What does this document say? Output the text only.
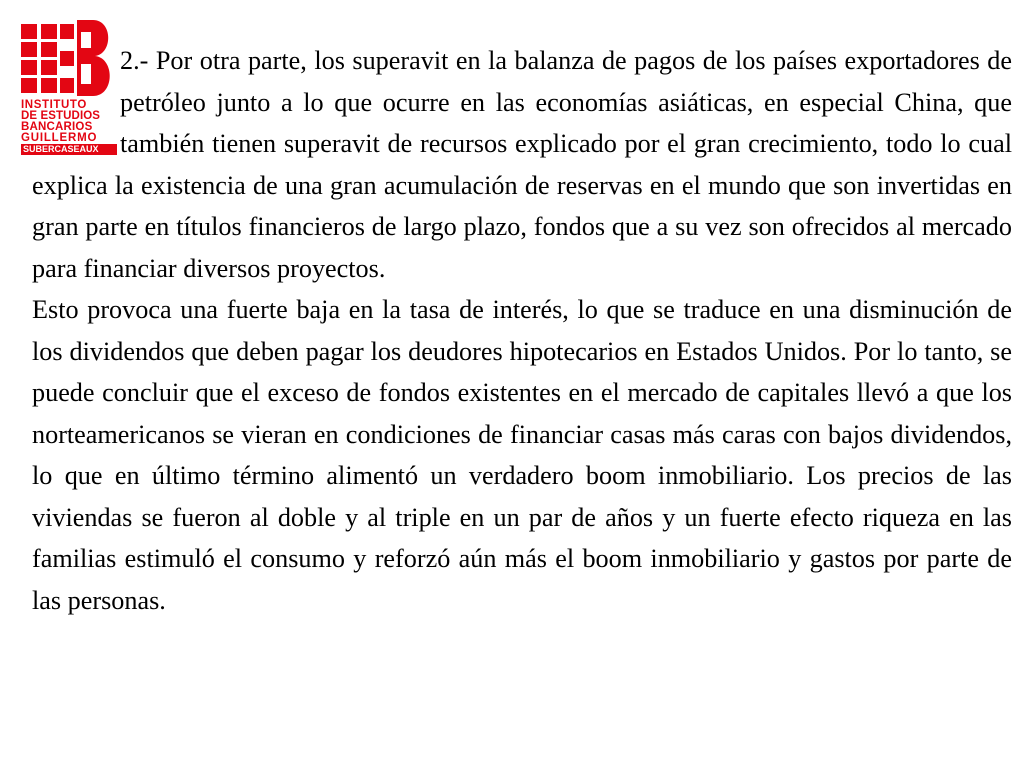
INSTITUTO
DE ESTUDIOS
BANCARIOS
GUILLERMO
SUBERCASEAUX

2.- Por otra parte, los superavit en la balanza de pagos de los países exportadores de petróleo junto a lo que ocurre en las economías asiáticas, en especial China, que también tienen superavit de recursos explicado por el gran crecimiento, todo lo cual explica la existencia de una gran acumulación de reservas en el mundo que son invertidas en gran parte en títulos financieros de largo plazo, fondos que a su vez son ofrecidos al mercado para financiar diversos proyectos.

Esto provoca una fuerte baja en la tasa de interés, lo que se traduce en una disminución de los dividendos que deben pagar los deudores hipotecarios en Estados Unidos. Por lo tanto, se puede concluir que el exceso de fondos existentes en el mercado de capitales llevó a que los norteamericanos se vieran en condiciones de financiar casas más caras con bajos dividendos, lo que en último término alimentó un verdadero boom inmobiliario. Los precios de las viviendas se fueron al doble y al triple en un par de años y un fuerte efecto riqueza en las familias estimuló el consumo y reforzó aún más el boom inmobiliario y gastos por parte de las personas.
